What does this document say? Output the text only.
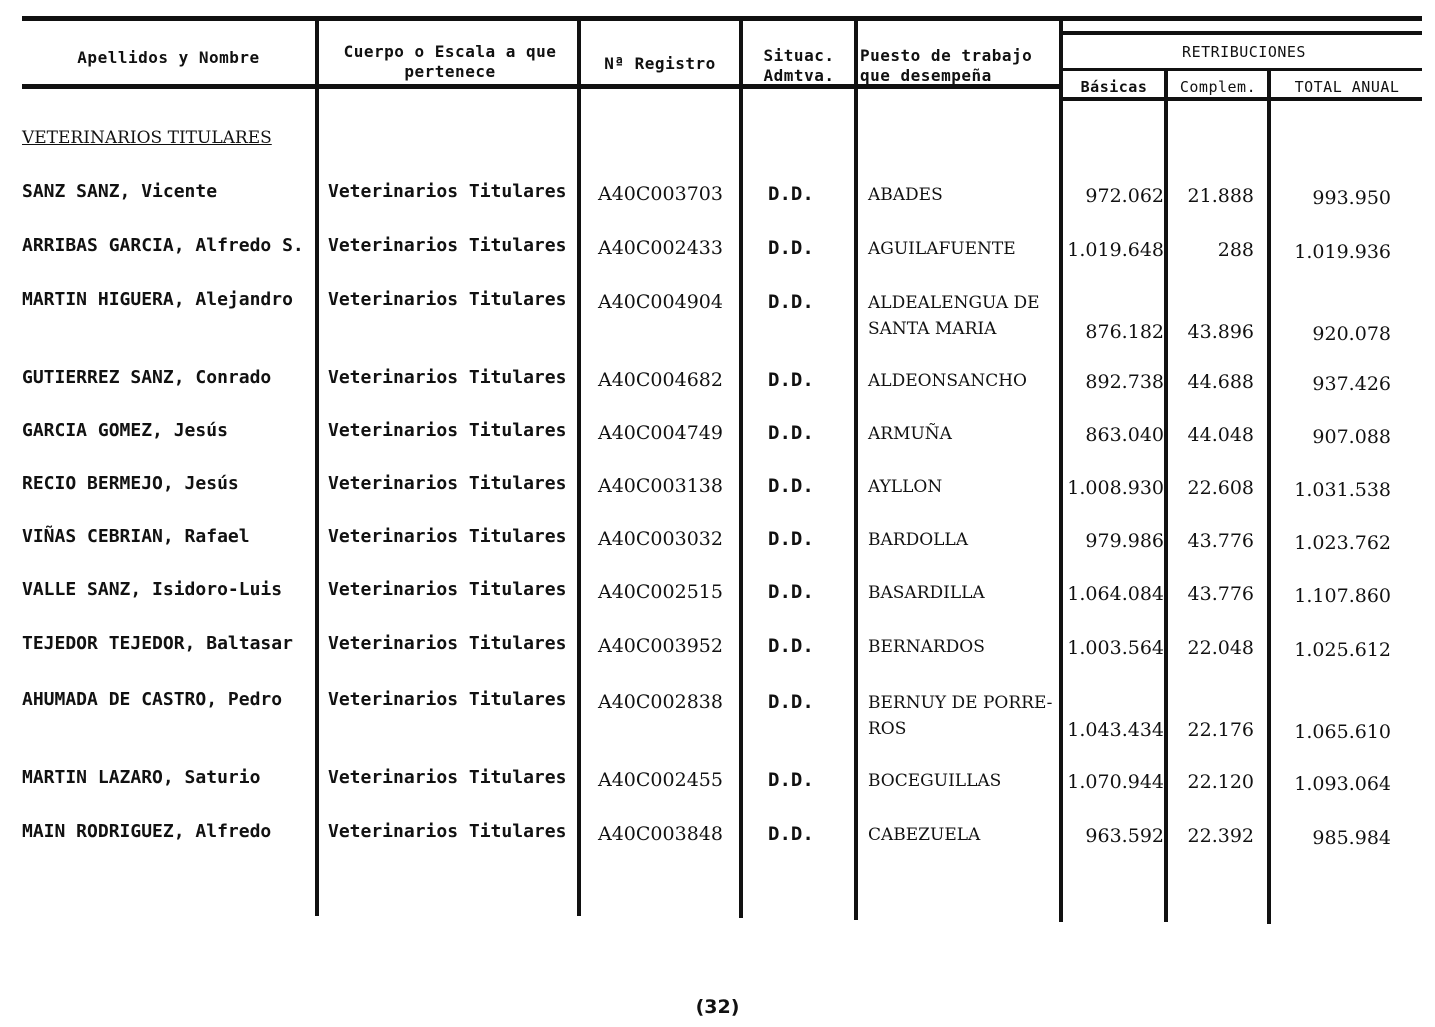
Apellidos y Nombre	Cuerpo o Escala a que pertenece	Nª Registro	Situac. Admtva.
Puesto de trabajo que desempeña
RETRIBUCIONES
Básicas	Complem.	TOTAL ANUAL
VETERINARIOS TITULARES
SANZ SANZ, Vicente	Veterinarios Titulares A40C003703 D.D.	ABADES	972.062 21.888	993.950
ARRIBAS GARCIA, Alfredo S. Veterinarios Titulares A40C002433 D.D.	AGUILAFUENTE	1.019.648	288 1.019.936
MARTIN HIGUERA, Alejandro Veterinarios Titulares A40C004904 D.D.	ALDEALENGUA DE SANTA MARIA	876.182 43.896	920.078
GUTIERREZ SANZ, Conrado	Veterinarios Titulares A40C004682 D.D.	ALDEONSANCHO	892.738 44.688	937.426
GARCIA GOMEZ, Jesús	Veterinarios Titulares A40C004749 D.D.	ARMUÑA	863.040 44.048	907.088
RECIO BERMEJO, Jesús	Veterinarios Titulares A40C003138 D.D.	AYLLON	1.008.930 22.608 1.031.538
VIÑAS CEBRIAN, Rafael	Veterinarios Titulares A40C003032 D.D.	BARDOLLA	979.986 43.776 1.023.762
VALLE SANZ, Isidoro-Luis	Veterinarios Titulares A40C002515 D.D.	BASARDILLA	1.064.084 43.776 1.107.860
TEJEDOR TEJEDOR, Baltasar Veterinarios Titulares A40C003952 D.D.	BERNARDOS	1.003.564 22.048 1.025.612
AHUMADA DE CASTRO, Pedro	Veterinarios Titulares A40C002838 D.D.	BERNUY DE PORRE- ROS	1.043.434 22.176 1.065.610
MARTIN LAZARO, Saturio	Veterinarios Titulares A40C002455 D.D.	BOCEGUILLAS	1.070.944 22.120 1.093.064
MAIN RODRIGUEZ, Alfredo	Veterinarios Titulares A40C003848 D.D.	CABEZUELA	963.592 22.392	985.984
(32)
